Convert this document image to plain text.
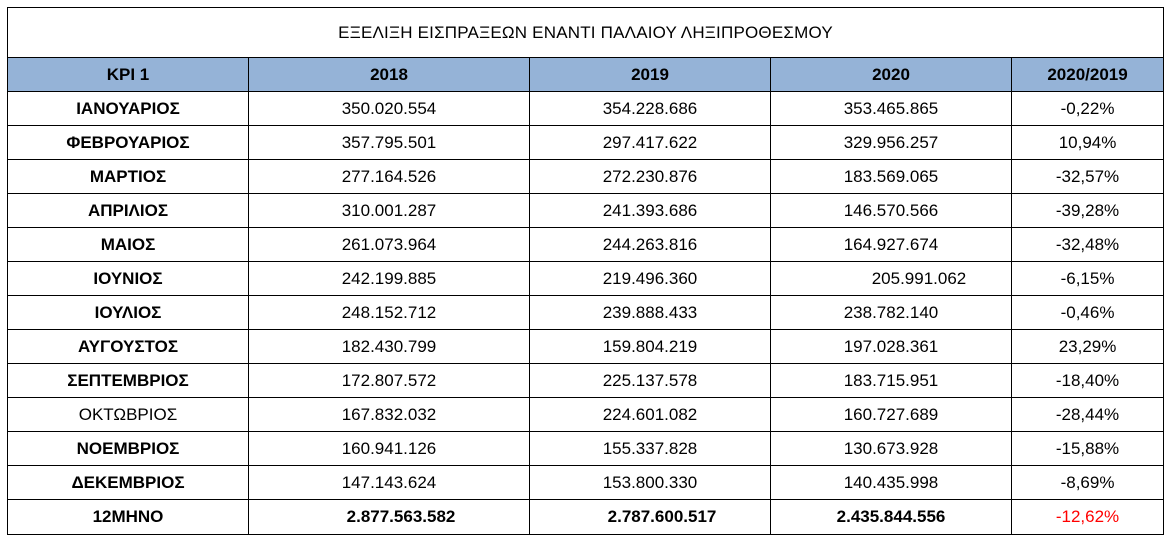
ΕΞΕΛΙΞΗ ΕΙΣΠΡΑΞΕΩΝ ΕΝΑΝΤΙ ΠΑΛΑΙΟΥ ΛΗΞΙΠΡΟΘΕΣΜΟΥ				
KPI 1	2018	2019	2020	2020/2019
ΙΑΝΟΥΑΡΙΟΣ	350.020.554	354.228.686	353.465.865	-0,22%
ΦΕΒΡΟΥΑΡΙΟΣ	357.795.501	297.417.622	329.956.257	10,94%
ΜΑΡΤΙΟΣ	277.164.526	272.230.876	183.569.065	-32,57%
ΑΠΡΙΛΙΟΣ	310.001.287	241.393.686	146.570.566	-39,28%
ΜΑΙΟΣ	261.073.964	244.263.816	164.927.674	-32,48%
ΙΟΥΝΙΟΣ	242.199.885	219.496.360	205.991.062	-6,15%
ΙΟΥΛΙΟΣ	248.152.712	239.888.433	238.782.140	-0,46%
ΑΥΓΟΥΣΤΟΣ	182.430.799	159.804.219	197.028.361	23,29%
ΣΕΠΤΕΜΒΡΙΟΣ	172.807.572	225.137.578	183.715.951	-18,40%
ΟΚΤΩΒΡΙΟΣ	167.832.032	224.601.082	160.727.689	-28,44%
ΝΟΕΜΒΡΙΟΣ	160.941.126	155.337.828	130.673.928	-15,88%
ΔΕΚΕΜΒΡΙΟΣ	147.143.624	153.800.330	140.435.998	-8,69%
12ΜΗΝΟ	2.877.563.582	2.787.600.517	2.435.844.556	-12,62%
